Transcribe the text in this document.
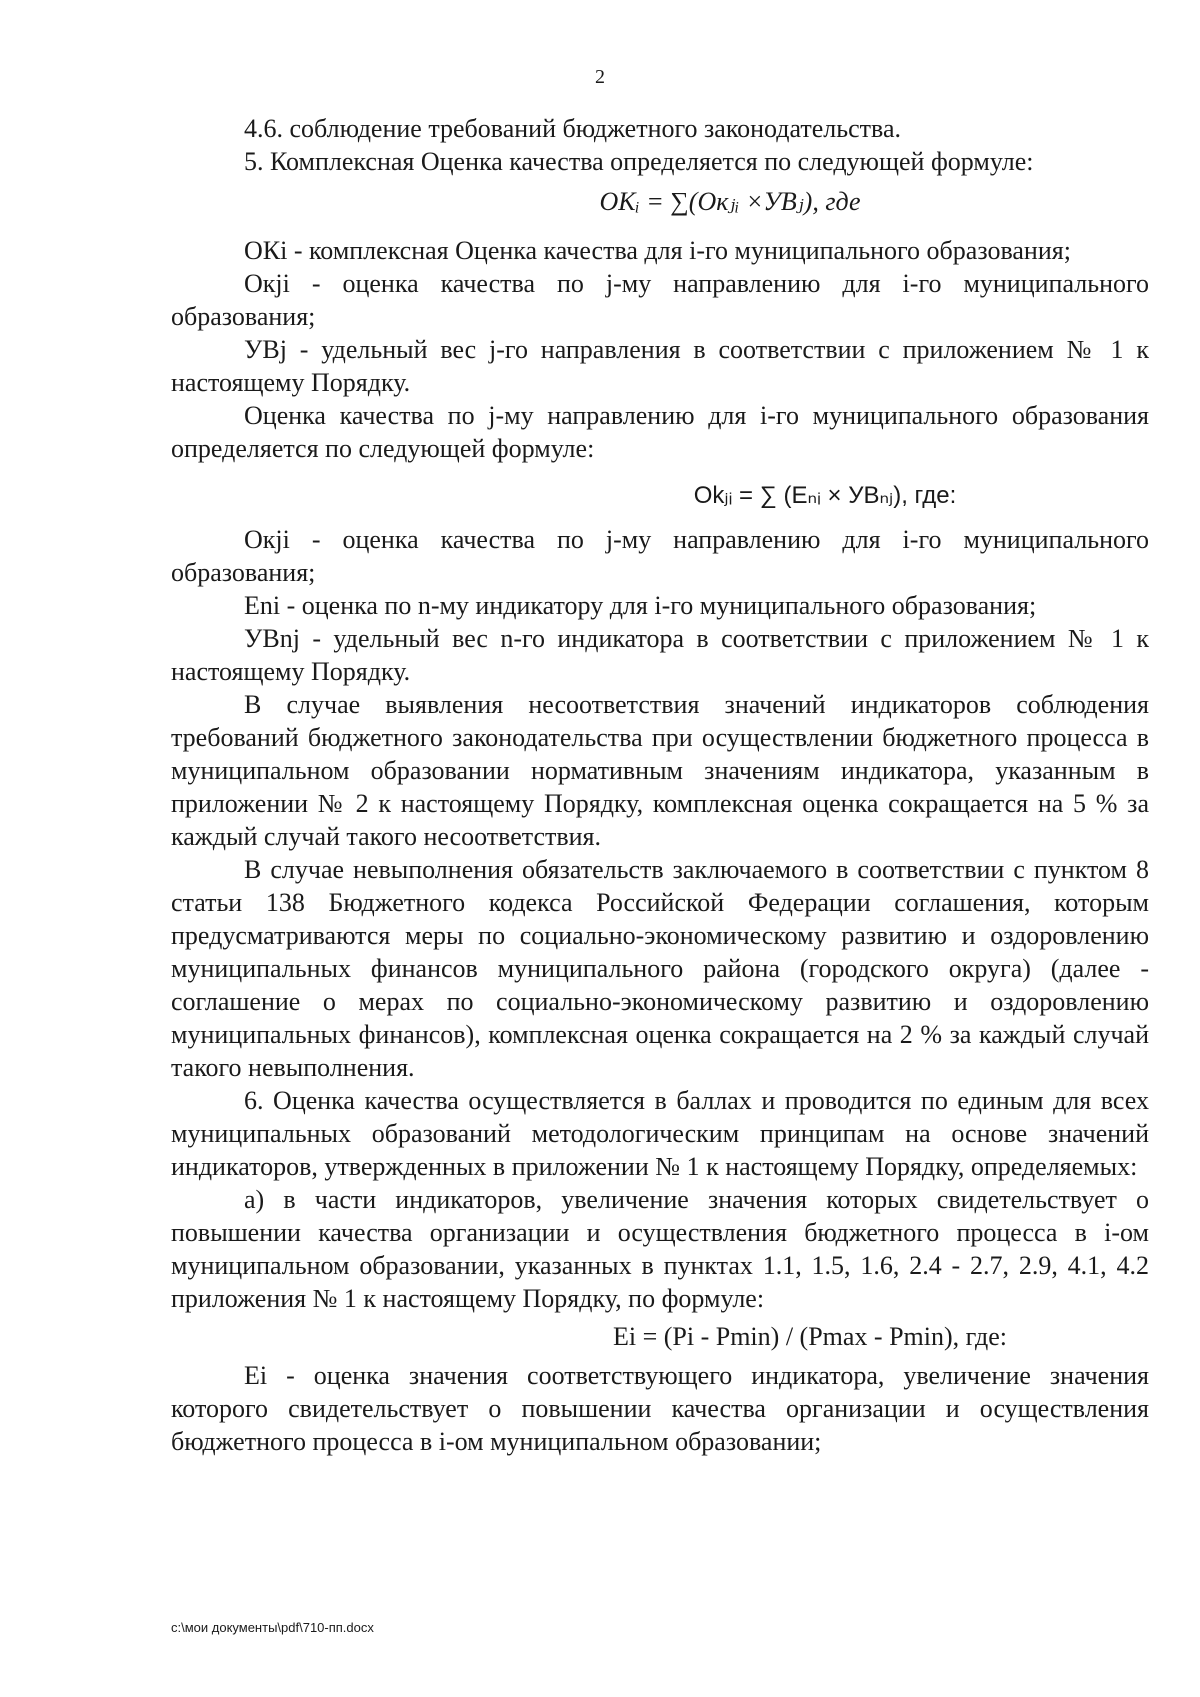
2

4.6. соблюдение требований бюджетного законодательства.

5. Комплексная Оценка качества определяется по следующей формуле:

OKᵢ = ∑(Окⱼᵢ ×УВⱼ), где

ОКi - комплексная Оценка качества для i-го муниципального образования;

Окji - оценка качества по j-му направлению для i-го муниципального образования;

УВj - удельный вес j-го направления в соответствии с приложением № 1 к настоящему Порядку.

Оценка качества по j-му направлению для i-го муниципального образования определяется по следующей формуле:

Okⱼᵢ = ∑ (Eₙᵢ × УВₙⱼ), где:

Окji - оценка качества по j-му направлению для i-го муниципального образования;

Eni - оценка по n-му индикатору для i-го муниципального образования;

УВnj - удельный вес n-го индикатора в соответствии с приложением № 1 к настоящему Порядку.

В случае выявления несоответствия значений индикаторов соблюдения требований бюджетного законодательства при осуществлении бюджетного процесса в муниципальном образовании нормативным значениям индикатора, указанным в приложении № 2 к настоящему Порядку, комплексная оценка сокращается на 5 % за каждый случай такого несоответствия.

В случае невыполнения обязательств заключаемого в соответствии с пунктом 8 статьи 138 Бюджетного кодекса Российской Федерации соглашения, которым предусматриваются меры по социально-экономическому развитию и оздоровлению муниципальных финансов муниципального района (городского округа) (далее - соглашение о мерах по социально-экономическому развитию и оздоровлению муниципальных финансов), комплексная оценка сокращается на 2 % за каждый случай такого невыполнения.

6. Оценка качества осуществляется в баллах и проводится по единым для всех муниципальных образований методологическим принципам на основе значений индикаторов, утвержденных в приложении № 1 к настоящему Порядку, определяемых:

а) в части индикаторов, увеличение значения которых свидетельствует о повышении качества организации и осуществления бюджетного процесса в i-ом муниципальном образовании, указанных в пунктах 1.1, 1.5, 1.6, 2.4 - 2.7, 2.9, 4.1, 4.2 приложения № 1 к настоящему Порядку, по формуле:

Ei = (Pi - Pmin) / (Pmax - Pmin), где:

Ei - оценка значения соответствующего индикатора, увеличение значения которого свидетельствует о повышении качества организации и осуществления бюджетного процесса в i-ом муниципальном образовании;

c:\мои документы\pdf\710-пп.docx
